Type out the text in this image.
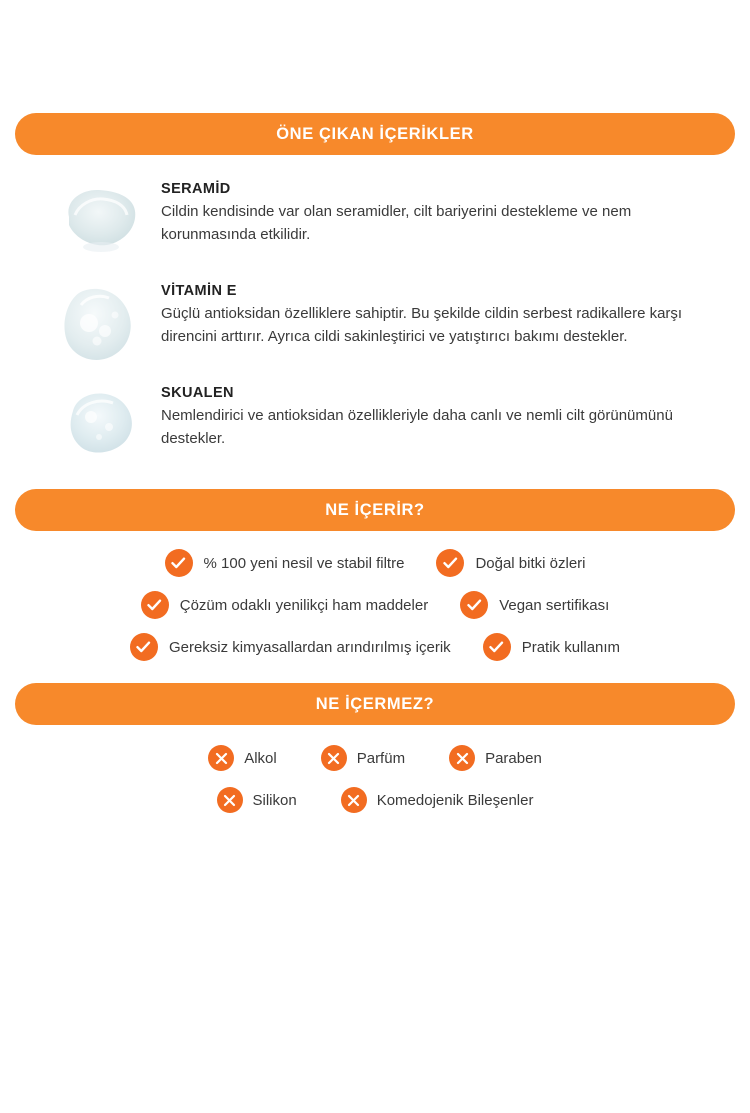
ÖNE ÇIKAN İÇERİKLER

SERAMİD

Cildin kendisinde var olan seramidler, cilt bariyerini destekleme ve nem korunmasında etkilidir.

VİTAMİN E

Güçlü antioksidan özelliklere sahiptir. Bu şekilde cildin serbest radikallere karşı direncini arttırır. Ayrıca cildi sakinleştirici ve yatıştırıcı bakımı destekler.

SKUALEN

Nemlendirici ve antioksidan özellikleriyle daha canlı ve nemli cilt görünümünü destekler.

NE İÇERİR?
% 100 yeni nesil ve stabil filtre	Doğal bitki özleri
Çözüm odaklı yenilikçi ham maddeler	Vegan sertifikası
Gereksiz kimyasallardan arındırılmış içerik	Pratik kullanım
NE İÇERMEZ?
Alkol	Parfüm	Paraben
Silikon	Komedojenik Bileşenler
